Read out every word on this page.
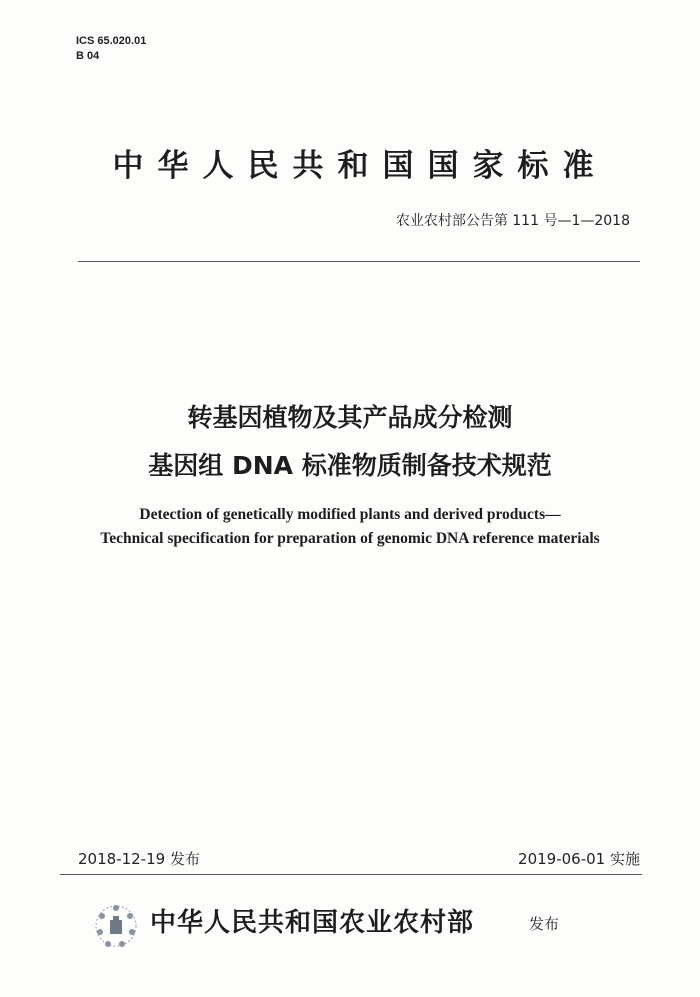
ICS 65.020.01
B 04
中华人民共和国国家标准
农业农村部公告第 111 号—1—2018
转基因植物及其产品成分检测
基因组 DNA 标准物质制备技术规范
Detection of genetically modified plants and derived products—
Technical specification for preparation of genomic DNA reference materials
2018-12-19 发布	2019-06-01 实施
中华人民共和国农业农村部	发布
